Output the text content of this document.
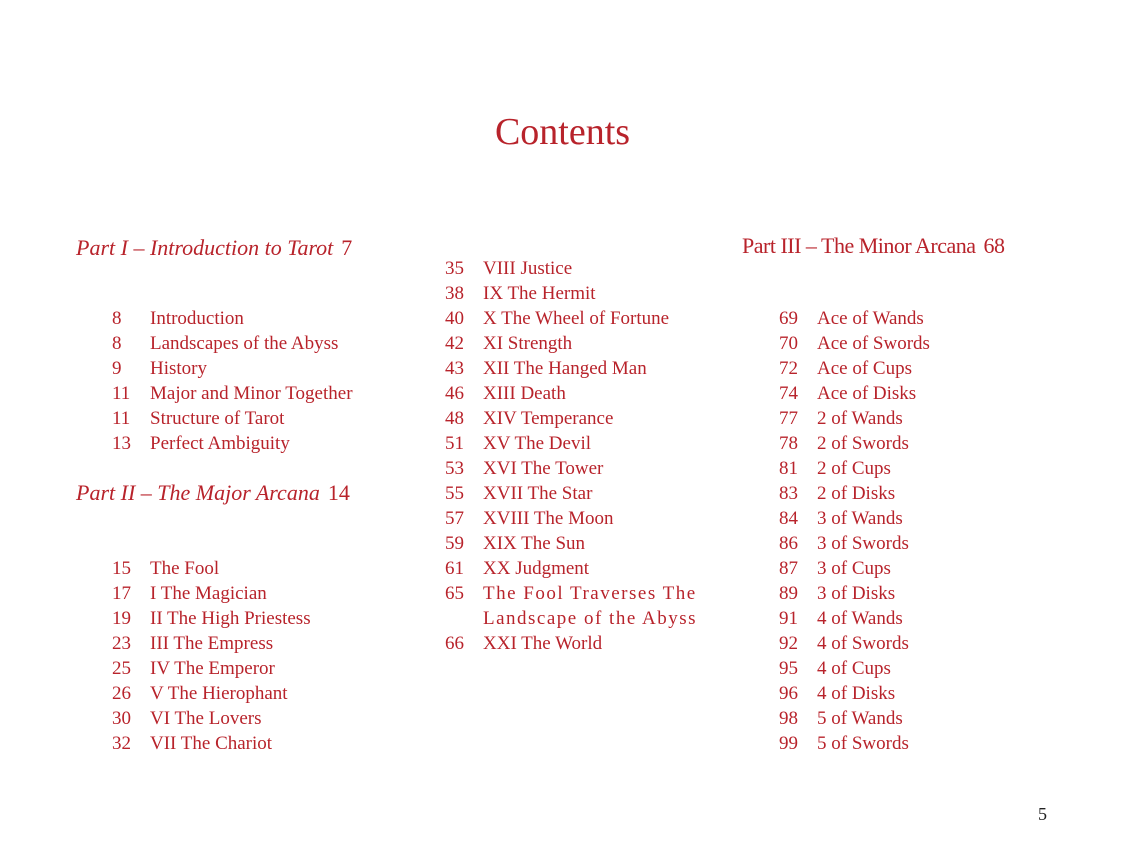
Contents
Part I – Introduction to Tarot 7
8	Introduction
8	Landscapes of the Abyss
9	History
11	Major and Minor Together
11	Structure of Tarot
13	Perfect Ambiguity
Part II – The Major Arcana 14
15	The Fool
17	I The Magician
19	II The High Priestess
23	III The Empress
25	IV The Emperor
26	V The Hierophant
30	VI The Lovers
32	VII The Chariot
35	VIII Justice
38	IX The Hermit
40	X The Wheel of Fortune
42	XI Strength
43	XII The Hanged Man
46	XIII Death
48	XIV Temperance
51	XV The Devil
53	XVI The Tower
55	XVII The Star
57	XVIII The Moon
59	XIX The Sun
61	XX Judgment
65	The Fool Traverses The Landscape of the Abyss
66	XXI The World
Part III – The Minor Arcana 68
69	Ace of Wands
70	Ace of Swords
72	Ace of Cups
74	Ace of Disks
77	2 of Wands
78	2 of Swords
81	2 of Cups
83	2 of Disks
84	3 of Wands
86	3 of Swords
87	3 of Cups
89	3 of Disks
91	4 of Wands
92	4 of Swords
95	4 of Cups
96	4 of Disks
98	5 of Wands
99	5 of Swords
5
